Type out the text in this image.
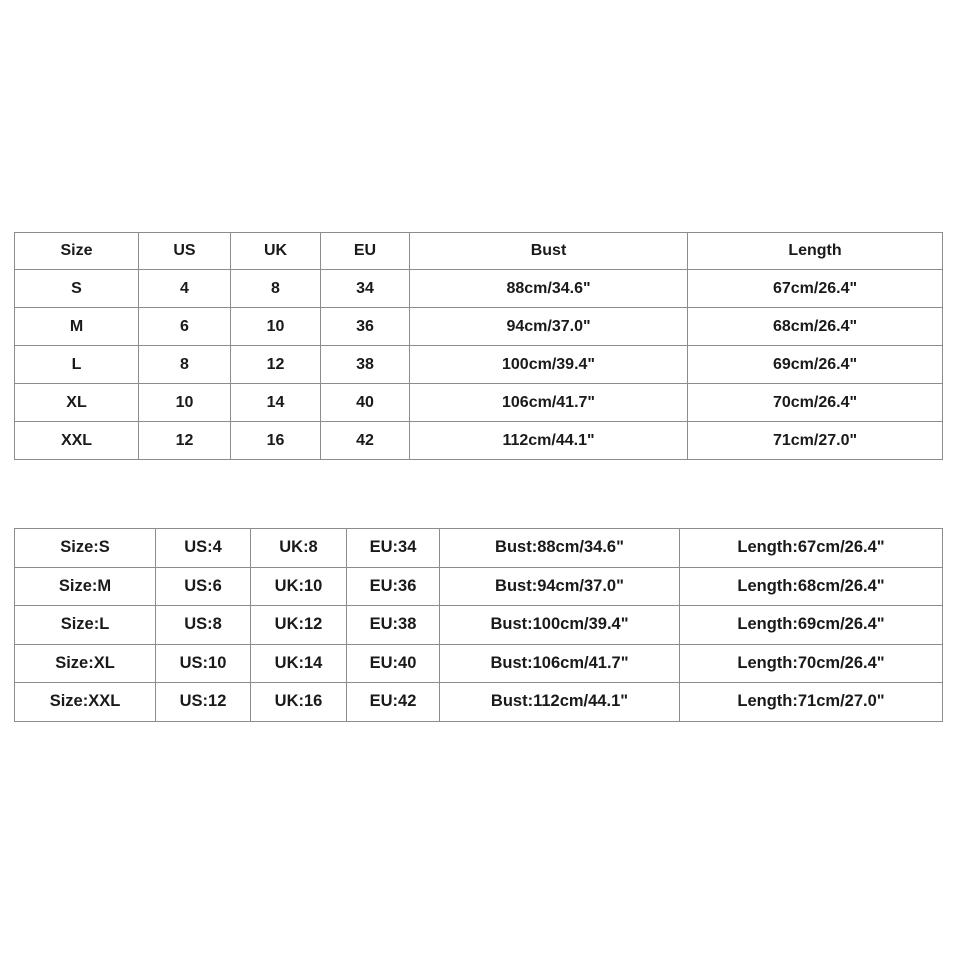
Size	US	UK	EU	Bust	Length
S	4	8	34	88cm/34.6"	67cm/26.4"
M	6	10	36	94cm/37.0"	68cm/26.4"
L	8	12	38	100cm/39.4"	69cm/26.4"
XL	10	14	40	106cm/41.7"	70cm/26.4"
XXL	12	16	42	112cm/44.1"	71cm/27.0"
Size:S	US:4	UK:8	EU:34	Bust:88cm/34.6"	Length:67cm/26.4"
Size:M	US:6	UK:10	EU:36	Bust:94cm/37.0"	Length:68cm/26.4"
Size:L	US:8	UK:12	EU:38	Bust:100cm/39.4"	Length:69cm/26.4"
Size:XL	US:10	UK:14	EU:40	Bust:106cm/41.7"	Length:70cm/26.4"
Size:XXL	US:12	UK:16	EU:42	Bust:112cm/44.1"	Length:71cm/27.0"
